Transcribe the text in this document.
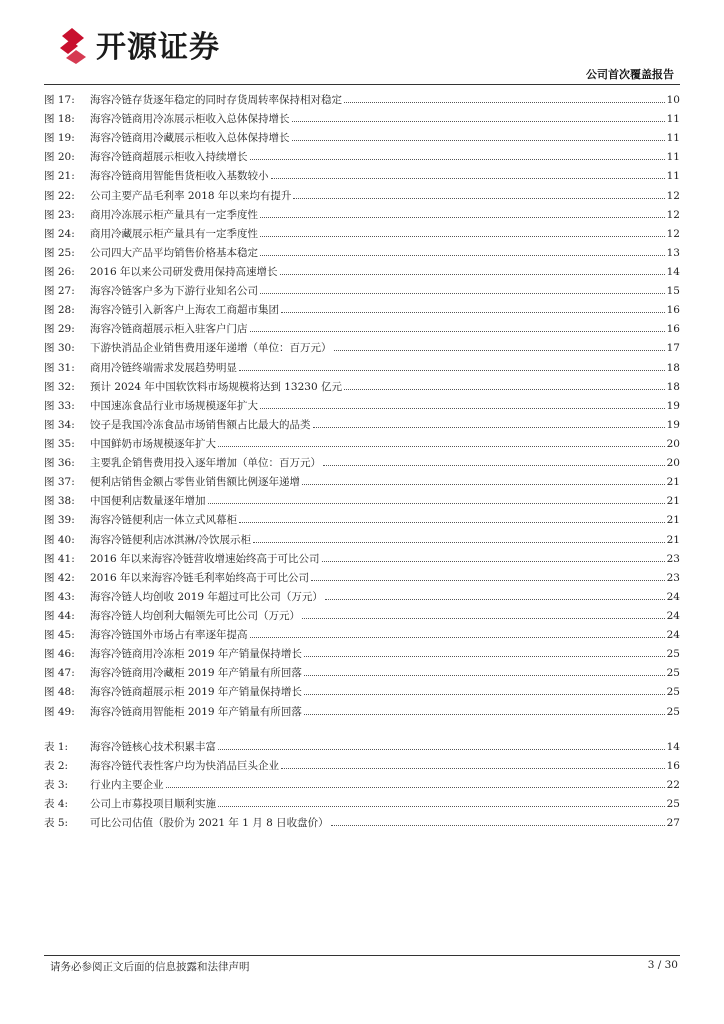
开源证券
公司首次覆盖报告
图 17:	海容冷链存货逐年稳定的同时存货周转率保持相对稳定	10
图 18:	海容冷链商用冷冻展示柜收入总体保持增长	11
图 19:	海容冷链商用冷藏展示柜收入总体保持增长	11
图 20:	海容冷链商超展示柜收入持续增长	11
图 21:	海容冷链商用智能售货柜收入基数较小	11
图 22:	公司主要产品毛利率 2018 年以来均有提升	12
图 23:	商用冷冻展示柜产量具有一定季度性	12
图 24:	商用冷藏展示柜产量具有一定季度性	12
图 25:	公司四大产品平均销售价格基本稳定	13
图 26:	2016 年以来公司研发费用保持高速增长	14
图 27:	海容冷链客户多为下游行业知名公司	15
图 28:	海容冷链引入新客户上海农工商超市集团	16
图 29:	海容冷链商超展示柜入驻客户门店	16
图 30:	下游快消品企业销售费用逐年递增（单位：百万元）	17
图 31:	商用冷链终端需求发展趋势明显	18
图 32:	预计 2024 年中国软饮料市场规模将达到 13230 亿元	18
图 33:	中国速冻食品行业市场规模逐年扩大	19
图 34:	饺子是我国冷冻食品市场销售额占比最大的品类	19
图 35:	中国鲜奶市场规模逐年扩大	20
图 36:	主要乳企销售费用投入逐年增加（单位：百万元）	20
图 37:	便利店销售金额占零售业销售额比例逐年递增	21
图 38:	中国便利店数量逐年增加	21
图 39:	海容冷链便利店一体立式风幕柜	21
图 40:	海容冷链便利店冰淇淋/冷饮展示柜	21
图 41:	2016 年以来海容冷链营收增速始终高于可比公司	23
图 42:	2016 年以来海容冷链毛利率始终高于可比公司	23
图 43:	海容冷链人均创收 2019 年超过可比公司（万元）	24
图 44:	海容冷链人均创利大幅领先可比公司（万元）	24
图 45:	海容冷链国外市场占有率逐年提高	24
图 46:	海容冷链商用冷冻柜 2019 年产销量保持增长	25
图 47:	海容冷链商用冷藏柜 2019 年产销量有所回落	25
图 48:	海容冷链商超展示柜 2019 年产销量保持增长	25
图 49:	海容冷链商用智能柜 2019 年产销量有所回落	25
表 1:	海容冷链核心技术积累丰富	14
表 2:	海容冷链代表性客户均为快消品巨头企业	16
表 3:	行业内主要企业	22
表 4:	公司上市募投项目顺利实施	25
表 5:	可比公司估值（股价为 2021 年 1 月 8 日收盘价）	27
请务必参阅正文后面的信息披露和法律声明	3 / 30
